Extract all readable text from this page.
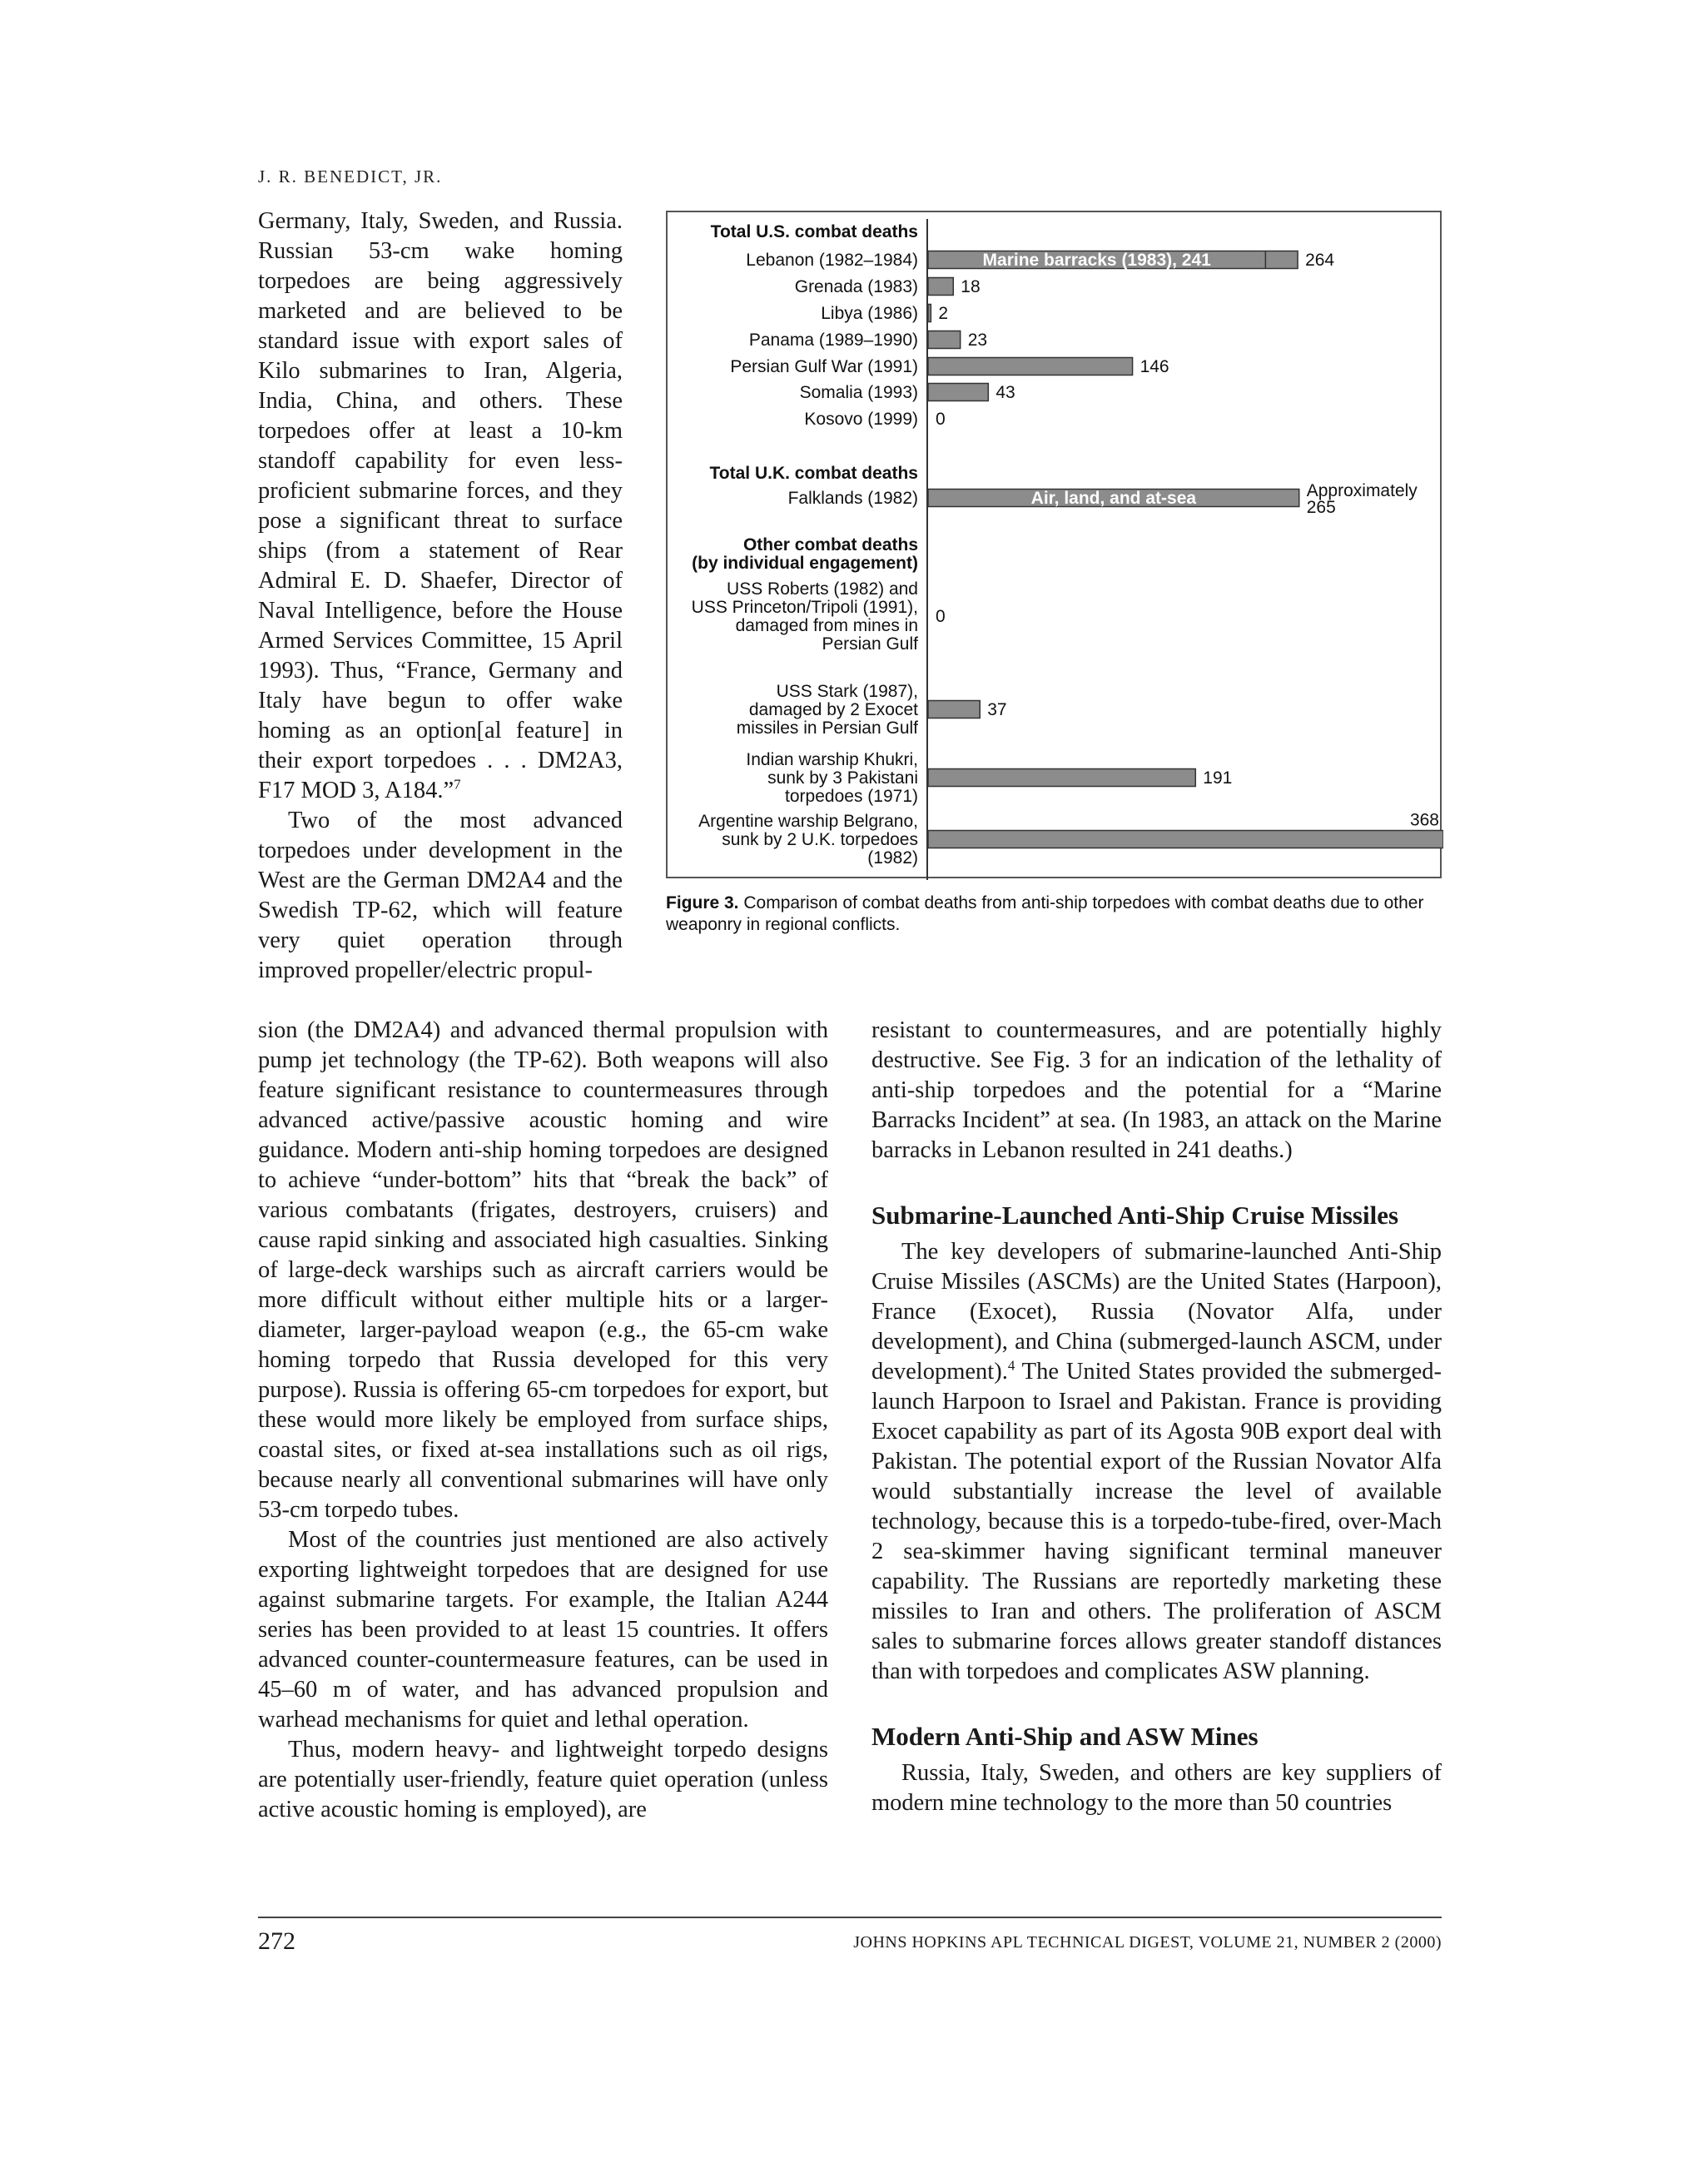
J. R. BENEDICT, JR.

Germany, Italy, Sweden, and Russia. Russian 53-cm wake homing torpedoes are being aggressively marketed and are believed to be standard issue with export sales of Kilo submarines to Iran, Algeria, India, China, and others. These torpedoes offer at least a 10-km standoff capability for even less-proficient submarine forces, and they pose a significant threat to surface ships (from a statement of Rear Admiral E. D. Shaefer, Director of Naval Intelligence, before the House Armed Services Committee, 15 April 1993). Thus, “France, Germany and Italy have begun to offer wake homing as an option[al feature] in their export torpedoes . . . DM2A3, F17 MOD 3, A184.”$^7$

Two of the most advanced torpedoes under development in the West are the German DM2A4 and the Swedish TP-62, which will feature very quiet operation through improved propeller/electric propul-

Total U.S. combat deaths
Lebanon (1982–1984)	Marine barracks (1983), 241	264
Grenada (1983) 18
Libya (1986) 2
Panama (1989–1990)	23
Persian Gulf War (1991)	146
Somalia (1993)	43
Kosovo (1999) 0
Total U.K. combat deaths
Falklands (1982)	Air, land, and at-sea	Approximately
265
Other combat deaths
(by individual engagement)
USS Roberts (1982) and
USS Princeton/Tripoli (1991),
damaged from mines in
Persian Gulf
0
USS Stark (1987),
damaged by 2 Exocet
missiles in Persian Gulf
37
Indian warship Khukri,
sunk by 3 Pakistani
torpedoes (1971)
191
Argentine warship Belgrano,
sunk by 2 U.K. torpedoes
(1982)
368
Figure 3. Comparison of combat deaths from anti-ship torpedoes with combat deaths due to other weaponry in regional conflicts.

sion (the DM2A4) and advanced thermal propulsion with pump jet technology (the TP-62). Both weapons will also feature significant resistance to countermeasures through advanced active/passive acoustic homing and wire guidance. Modern anti-ship homing torpedoes are designed to achieve “under-bottom” hits that “break the back” of various combatants (frigates, destroyers, cruisers) and cause rapid sinking and associated high casualties. Sinking of large-deck warships such as aircraft carriers would be more difficult without either multiple hits or a larger-diameter, larger-payload weapon (e.g., the 65-cm wake homing torpedo that Russia developed for this very purpose). Russia is offering 65-cm torpedoes for export, but these would more likely be employed from surface ships, coastal sites, or fixed at-sea installations such as oil rigs, because nearly all conventional submarines will have only 53-cm torpedo tubes.

Most of the countries just mentioned are also actively exporting lightweight torpedoes that are designed for use against submarine targets. For example, the Italian A244 series has been provided to at least 15 countries. It offers advanced counter-countermeasure features, can be used in 45–60 m of water, and has advanced propulsion and warhead mechanisms for quiet and lethal operation.

Thus, modern heavy- and lightweight torpedo designs are potentially user-friendly, feature quiet operation (unless active acoustic homing is employed), are

resistant to countermeasures, and are potentially highly destructive. See Fig. 3 for an indication of the lethality of anti-ship torpedoes and the potential for a “Marine Barracks Incident” at sea. (In 1983, an attack on the Marine barracks in Lebanon resulted in 241 deaths.)

Submarine-Launched Anti-Ship Cruise Missiles

The key developers of submarine-launched Anti-Ship Cruise Missiles (ASCMs) are the United States (Harpoon), France (Exocet), Russia (Novator Alfa, under development), and China (submerged-launch ASCM, under development).$^4$ The United States provided the submerged-launch Harpoon to Israel and Pakistan. France is providing Exocet capability as part of its Agosta 90B export deal with Pakistan. The potential export of the Russian Novator Alfa would substantially increase the level of available technology, because this is a torpedo-tube-fired, over-Mach 2 sea-skimmer having significant terminal maneuver capability. The Russians are reportedly marketing these missiles to Iran and others. The proliferation of ASCM sales to submarine forces allows greater standoff distances than with torpedoes and complicates ASW planning.

Modern Anti-Ship and ASW Mines

Russia, Italy, Sweden, and others are key suppliers of modern mine technology to the more than 50 countries

272	JOHNS HOPKINS APL TECHNICAL DIGEST, VOLUME 21, NUMBER 2 (2000)
